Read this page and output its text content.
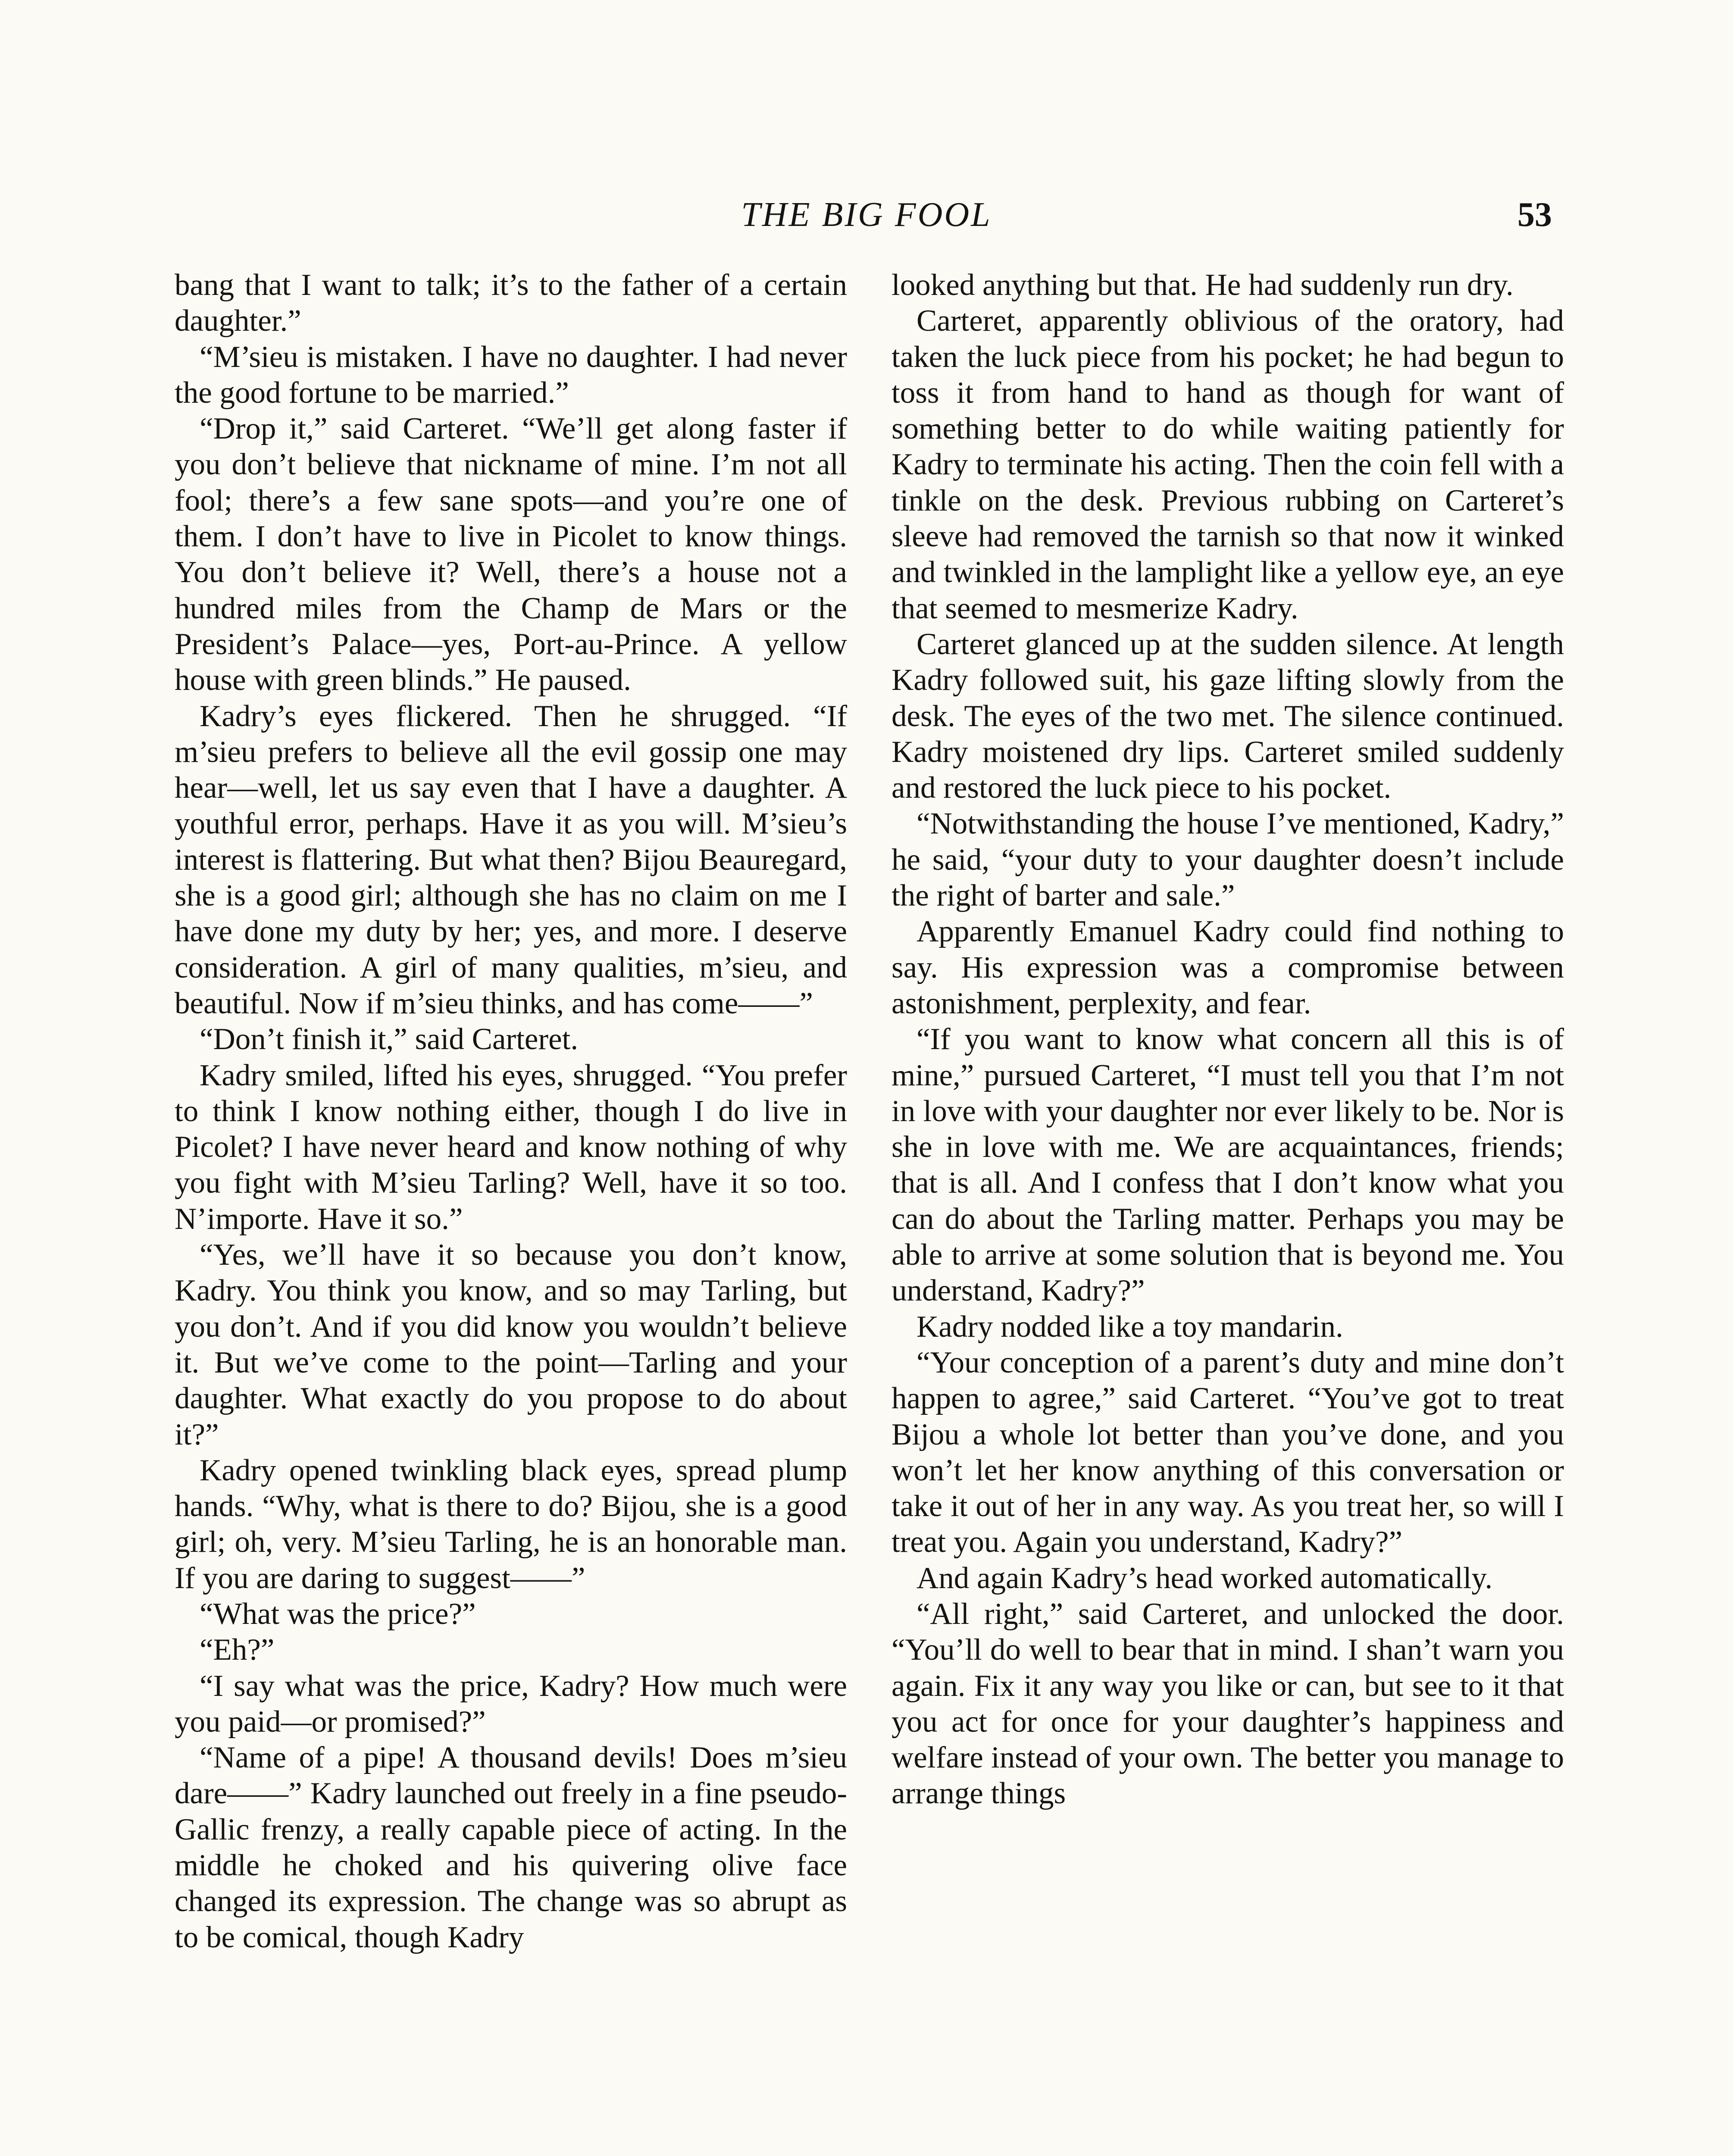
THE BIG FOOL	53

bang that I want to talk; it’s to the father of a certain daughter.”

“M’sieu is mistaken. I have no daughter. I had never the good fortune to be married.”

“Drop it,” said Carteret. “We’ll get along faster if you don’t believe that nickname of mine. I’m not all fool; there’s a few sane spots—and you’re one of them. I don’t have to live in Picolet to know things. You don’t believe it? Well, there’s a house not a hundred miles from the Champ de Mars or the President’s Palace—yes, Port-au-Prince. A yellow house with green blinds.” He paused.

Kadry’s eyes flickered. Then he shrugged. “If m’sieu prefers to believe all the evil gossip one may hear—well, let us say even that I have a daughter. A youthful error, perhaps. Have it as you will. M’sieu’s interest is flattering. But what then? Bijou Beauregard, she is a good girl; although she has no claim on me I have done my duty by her; yes, and more. I deserve consideration. A girl of many qualities, m’sieu, and beautiful. Now if m’sieu thinks, and has come——”

“Don’t finish it,” said Carteret.

Kadry smiled, lifted his eyes, shrugged. “You prefer to think I know nothing either, though I do live in Picolet? I have never heard and know nothing of why you fight with M’sieu Tarling? Well, have it so too. N’importe. Have it so.”

“Yes, we’ll have it so because you don’t know, Kadry. You think you know, and so may Tarling, but you don’t. And if you did know you wouldn’t believe it. But we’ve come to the point—Tarling and your daughter. What exactly do you propose to do about it?”

Kadry opened twinkling black eyes, spread plump hands. “Why, what is there to do? Bijou, she is a good girl; oh, very. M’sieu Tarling, he is an honorable man. If you are daring to suggest——”

“What was the price?”

“Eh?”

“I say what was the price, Kadry? How much were you paid—or promised?”

“Name of a pipe! A thousand devils! Does m’sieu dare——” Kadry launched out freely in a fine pseudo-Gallic frenzy, a really capable piece of acting. In the middle he choked and his quivering olive face changed its expression. The change was so abrupt as to be comical, though Kadry

looked anything but that. He had suddenly run dry.

Carteret, apparently oblivious of the oratory, had taken the luck piece from his pocket; he had begun to toss it from hand to hand as though for want of something better to do while waiting patiently for Kadry to terminate his acting. Then the coin fell with a tinkle on the desk. Previous rubbing on Carteret’s sleeve had removed the tarnish so that now it winked and twinkled in the lamplight like a yellow eye, an eye that seemed to mesmerize Kadry.

Carteret glanced up at the sudden silence. At length Kadry followed suit, his gaze lifting slowly from the desk. The eyes of the two met. The silence continued. Kadry moistened dry lips. Carteret smiled suddenly and restored the luck piece to his pocket.

“Notwithstanding the house I’ve mentioned, Kadry,” he said, “your duty to your daughter doesn’t include the right of barter and sale.”

Apparently Emanuel Kadry could find nothing to say. His expression was a compromise between astonishment, perplexity, and fear.

“If you want to know what concern all this is of mine,” pursued Carteret, “I must tell you that I’m not in love with your daughter nor ever likely to be. Nor is she in love with me. We are acquaintances, friends; that is all. And I confess that I don’t know what you can do about the Tarling matter. Perhaps you may be able to arrive at some solution that is beyond me. You understand, Kadry?”

Kadry nodded like a toy mandarin.

“Your conception of a parent’s duty and mine don’t happen to agree,” said Carteret. “You’ve got to treat Bijou a whole lot better than you’ve done, and you won’t let her know anything of this conversation or take it out of her in any way. As you treat her, so will I treat you. Again you understand, Kadry?”

And again Kadry’s head worked automatically.

“All right,” said Carteret, and unlocked the door. “You’ll do well to bear that in mind. I shan’t warn you again. Fix it any way you like or can, but see to it that you act for once for your daughter’s happiness and welfare instead of your own. The better you manage to arrange things
